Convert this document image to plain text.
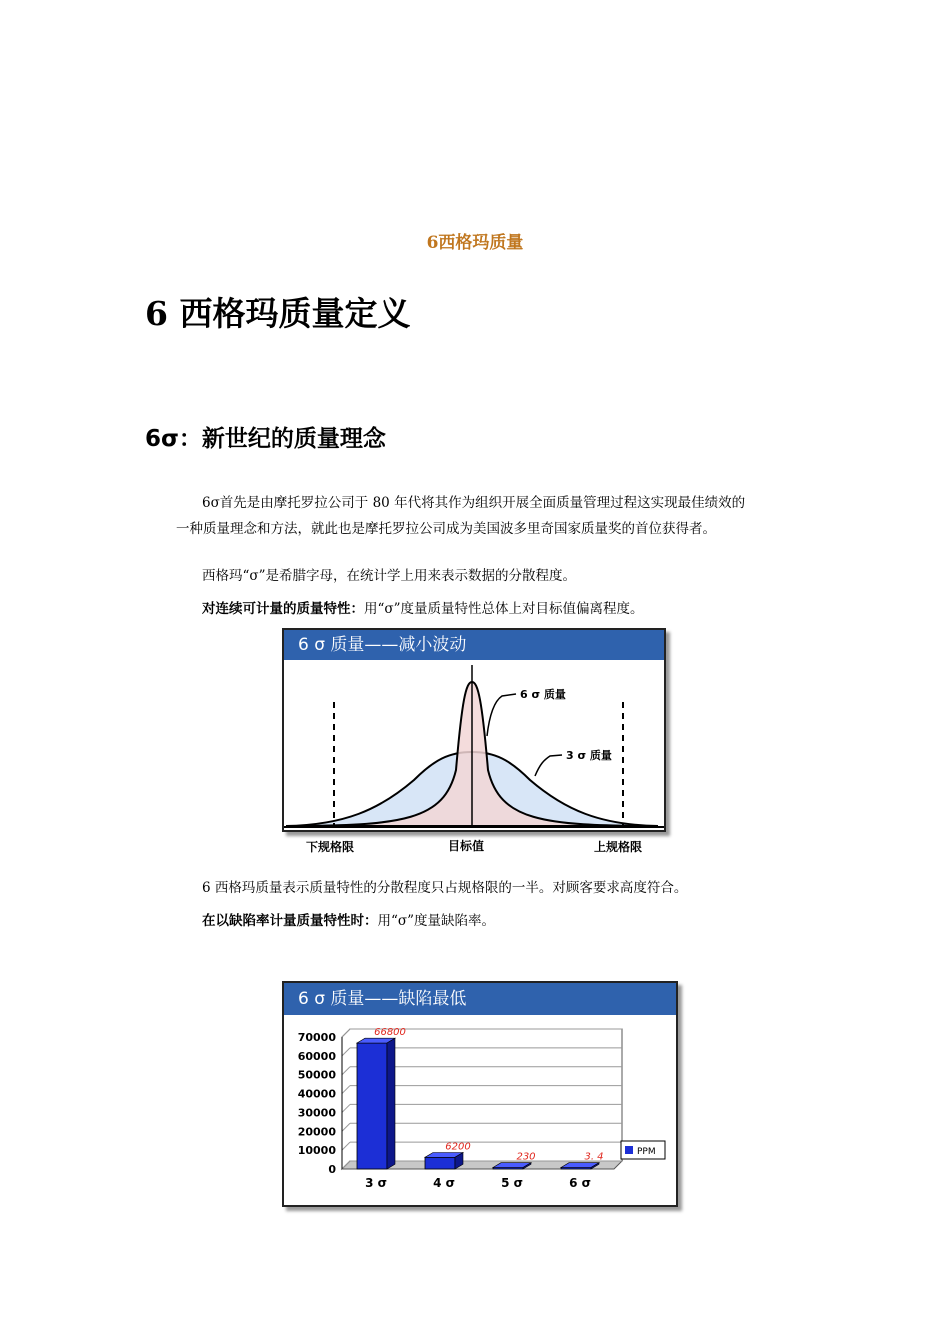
6西格玛质量
6 西格玛质量定义
6σ：新世纪的质量理念
6σ首先是由摩托罗拉公司于 80 年代将其作为组织开展全面质量管理过程这实现最佳绩效的
一种质量理念和方法，就此也是摩托罗拉公司成为美国波多里奇国家质量奖的首位获得者。
西格玛“σ”是希腊字母，在统计学上用来表示数据的分散程度。
对连续可计量的质量特性：用“σ”度量质量特性总体上对目标值偏离程度。
6 σ 质量——减小波动
6 σ 质量
3 σ 质量
下规格限	目标值	上规格限
6 西格玛质量表示质量特性的分散程度只占规格限的一半。对顾客要求高度符合。
在以缺陷率计量质量特性时：用“σ”度量缺陷率。
6 σ 质量——缺陷最低
0
10000
20000
30000
40000
50000
60000
70000	66800
3 σ
6200
4 σ
230
5 σ
3. 4
6 σ
PPM
